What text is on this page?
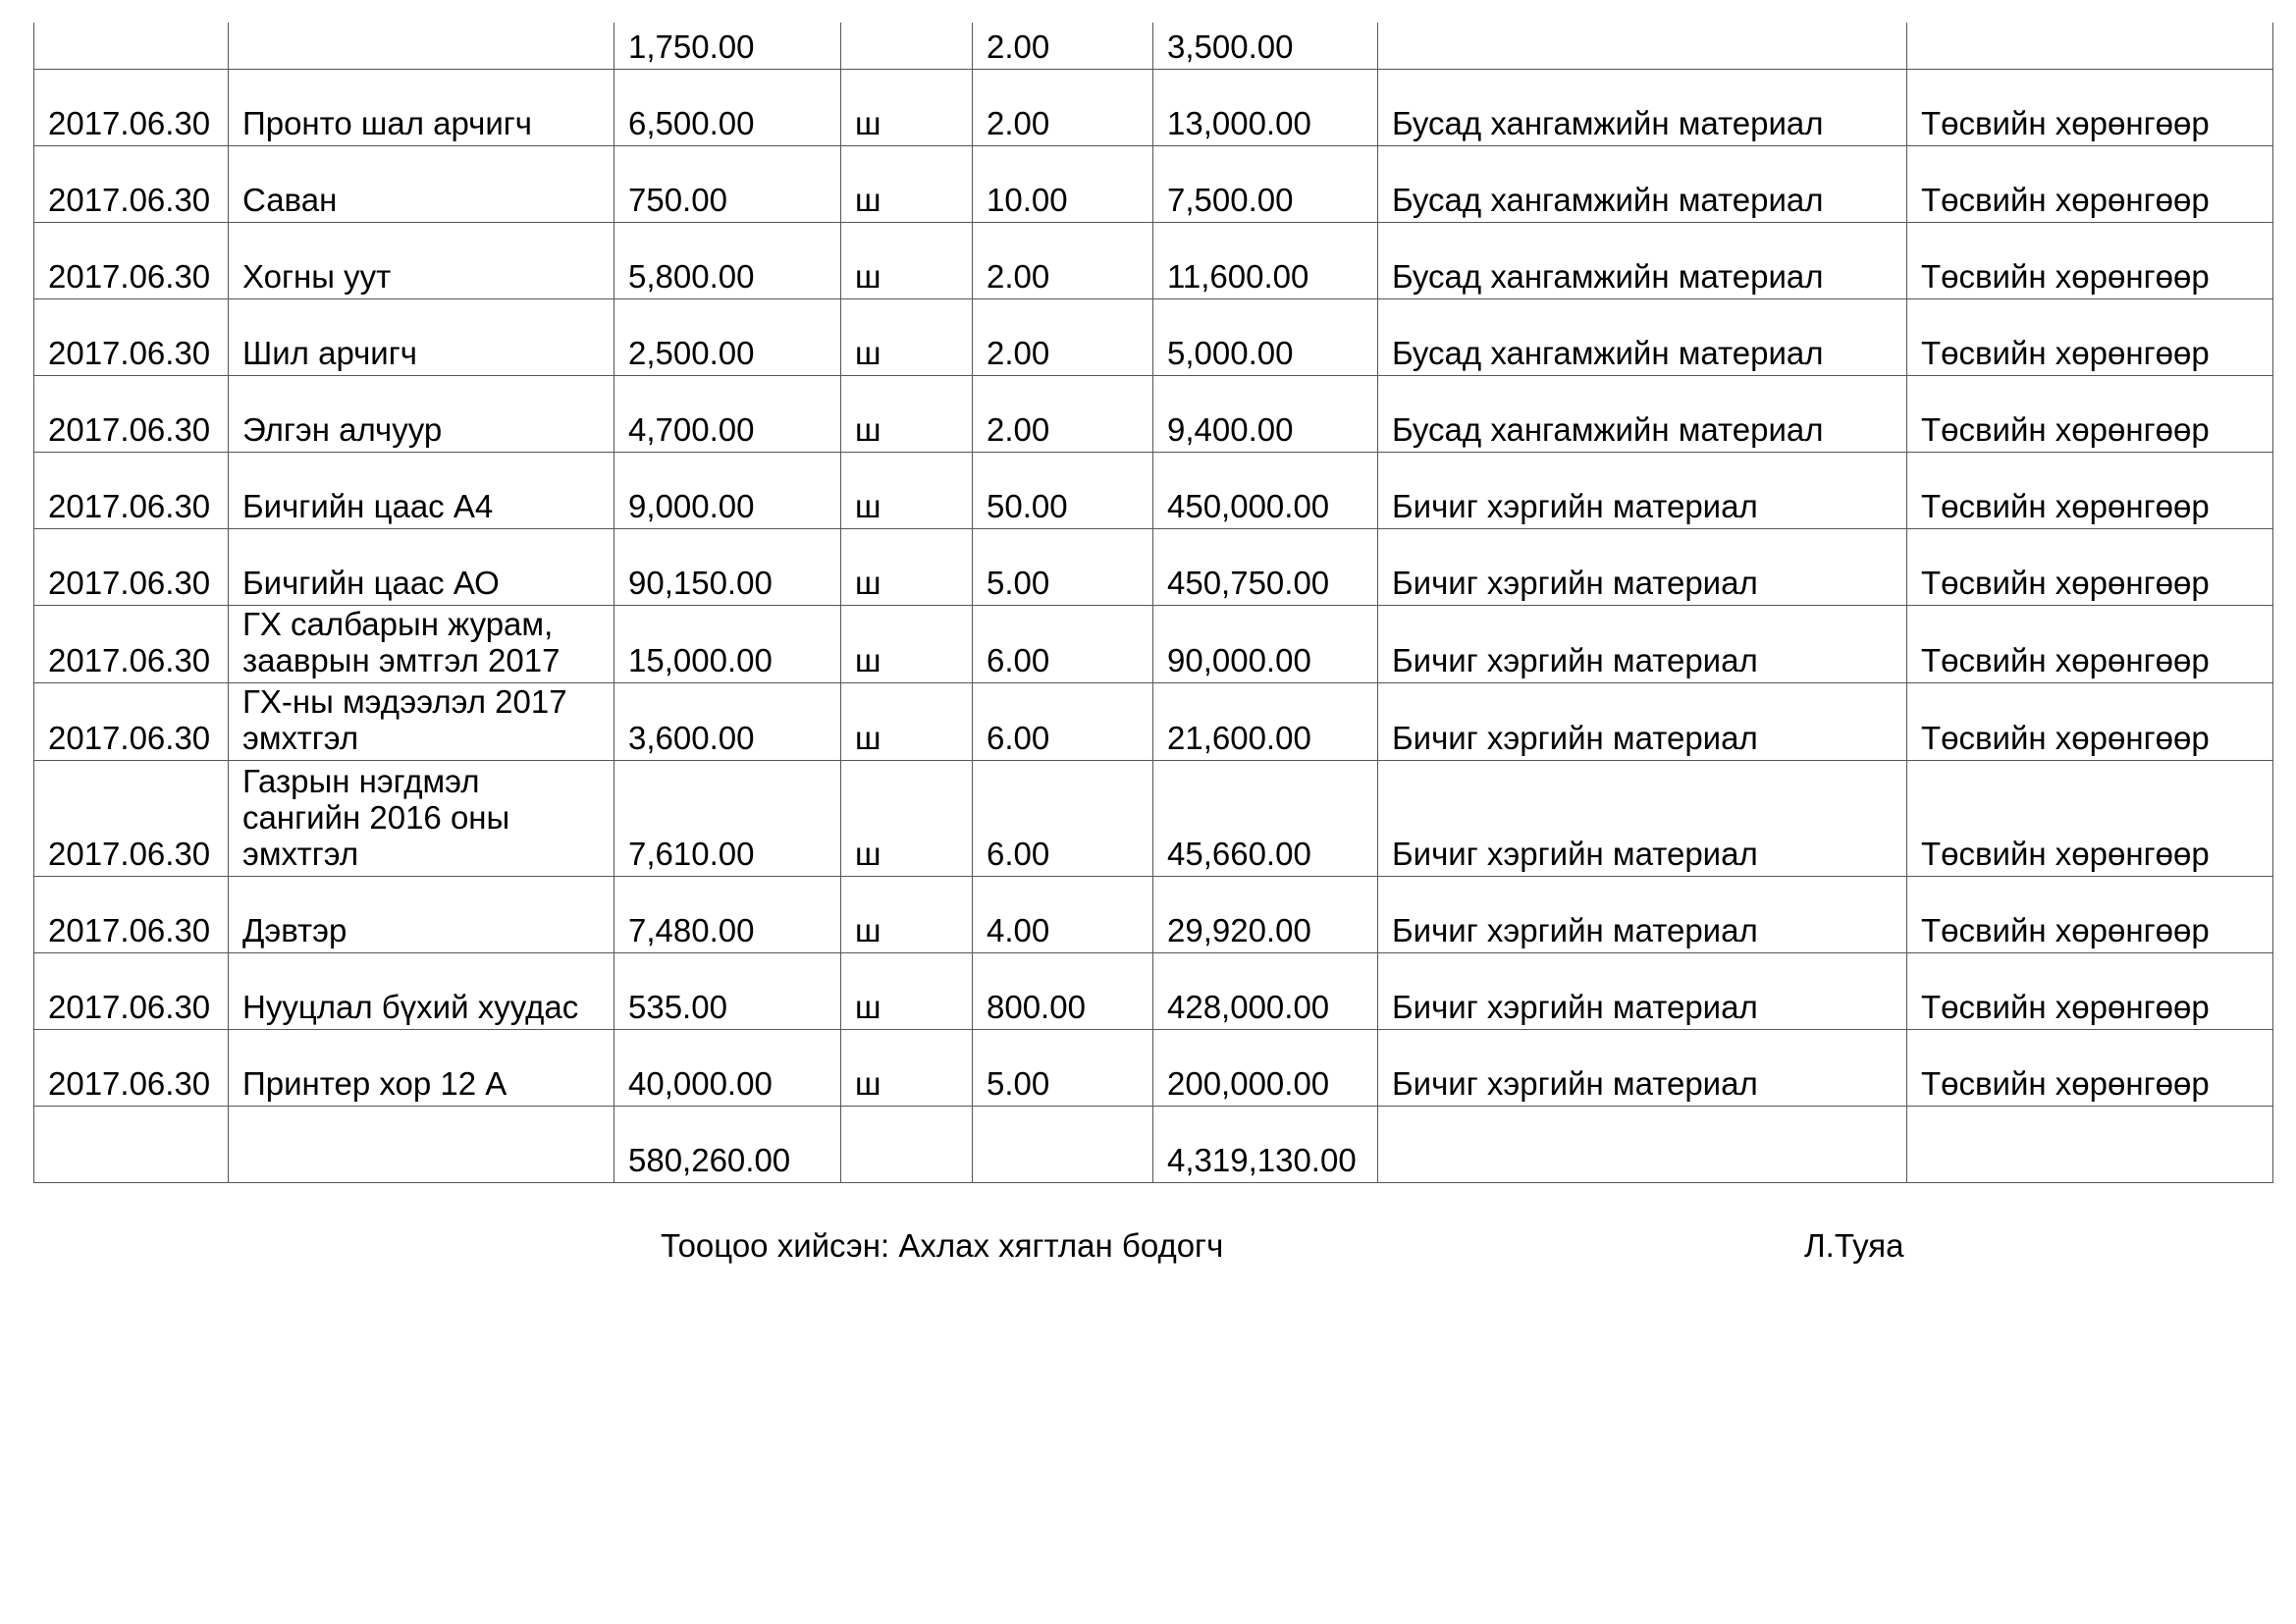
		1,750.00		2.00	3,500.00		
2017.06.30	Пронто шал арчигч	6,500.00	ш	2.00	13,000.00	Бусад хангамжийн материал	Төсвийн хөрөнгөөр
2017.06.30	Саван	750.00	ш	10.00	7,500.00	Бусад хангамжийн материал	Төсвийн хөрөнгөөр
2017.06.30	Хогны уут	5,800.00	ш	2.00	11,600.00	Бусад хангамжийн материал	Төсвийн хөрөнгөөр
2017.06.30	Шил арчигч	2,500.00	ш	2.00	5,000.00	Бусад хангамжийн материал	Төсвийн хөрөнгөөр
2017.06.30	Элгэн алчуур	4,700.00	ш	2.00	9,400.00	Бусад хангамжийн материал	Төсвийн хөрөнгөөр
2017.06.30	Бичгийн цаас А4	9,000.00	ш	50.00	450,000.00	Бичиг хэргийн материал	Төсвийн хөрөнгөөр
2017.06.30	Бичгийн цаас АО	90,150.00	ш	5.00	450,750.00	Бичиг хэргийн материал	Төсвийн хөрөнгөөр
2017.06.30	ГХ салбарын журам, зааврын эмтгэл 2017	15,000.00	ш	6.00	90,000.00	Бичиг хэргийн материал	Төсвийн хөрөнгөөр
2017.06.30	ГХ-ны мэдээлэл 2017 эмхтгэл	3,600.00	ш	6.00	21,600.00	Бичиг хэргийн материал	Төсвийн хөрөнгөөр
2017.06.30	Газрын нэгдмэл сангийн 2016 оны эмхтгэл	7,610.00	ш	6.00	45,660.00	Бичиг хэргийн материал	Төсвийн хөрөнгөөр
2017.06.30	Дэвтэр	7,480.00	ш	4.00	29,920.00	Бичиг хэргийн материал	Төсвийн хөрөнгөөр
2017.06.30	Нууцлал бүхий хуудас	535.00	ш	800.00	428,000.00	Бичиг хэргийн материал	Төсвийн хөрөнгөөр
2017.06.30	Принтер хор 12 А	40,000.00	ш	5.00	200,000.00	Бичиг хэргийн материал	Төсвийн хөрөнгөөр
		580,260.00			4,319,130.00		
Тооцоо хийсэн: Ахлах хягтлан бодогч	Л.Туяа
